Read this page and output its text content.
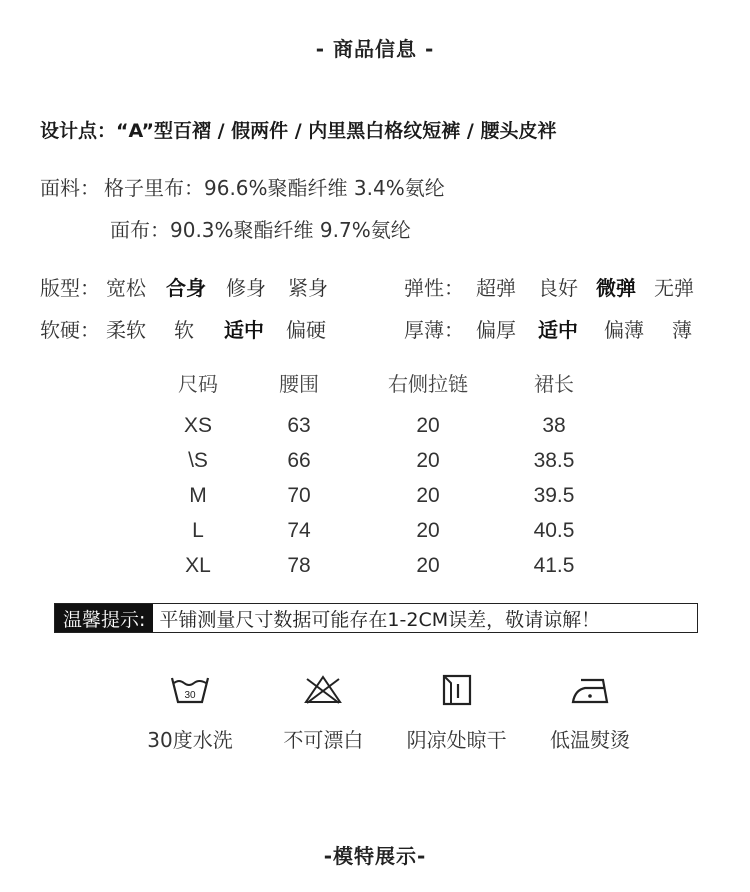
- 商品信息 -
设计点：“A”型百褶 / 假两件 / 内里黑白格纹短裤 / 腰头皮袢
面料： 格子里布：96.6%聚酯纤维 3.4%氨纶
面布：90.3%聚酯纤维 9.7%氨纶
版型： 宽松	合身	修身	紧身	弹性： 超弹	良好 微弹 无弹
软硬： 柔软	软	适中	偏硬	厚薄： 偏厚	适中	偏薄	薄
尺码	腰围	右侧拉链	裙长
XS	63	20	38
\S	66	20	38.5
M	70	20	39.5
L	74	20	40.5
XL	78	20	41.5
温馨提示: 平铺测量尺寸数据可能存在1-2CM误差，敬请谅解！
30
30度水洗	不可漂白	阴凉处晾干	低温熨烫
-模特展示-
